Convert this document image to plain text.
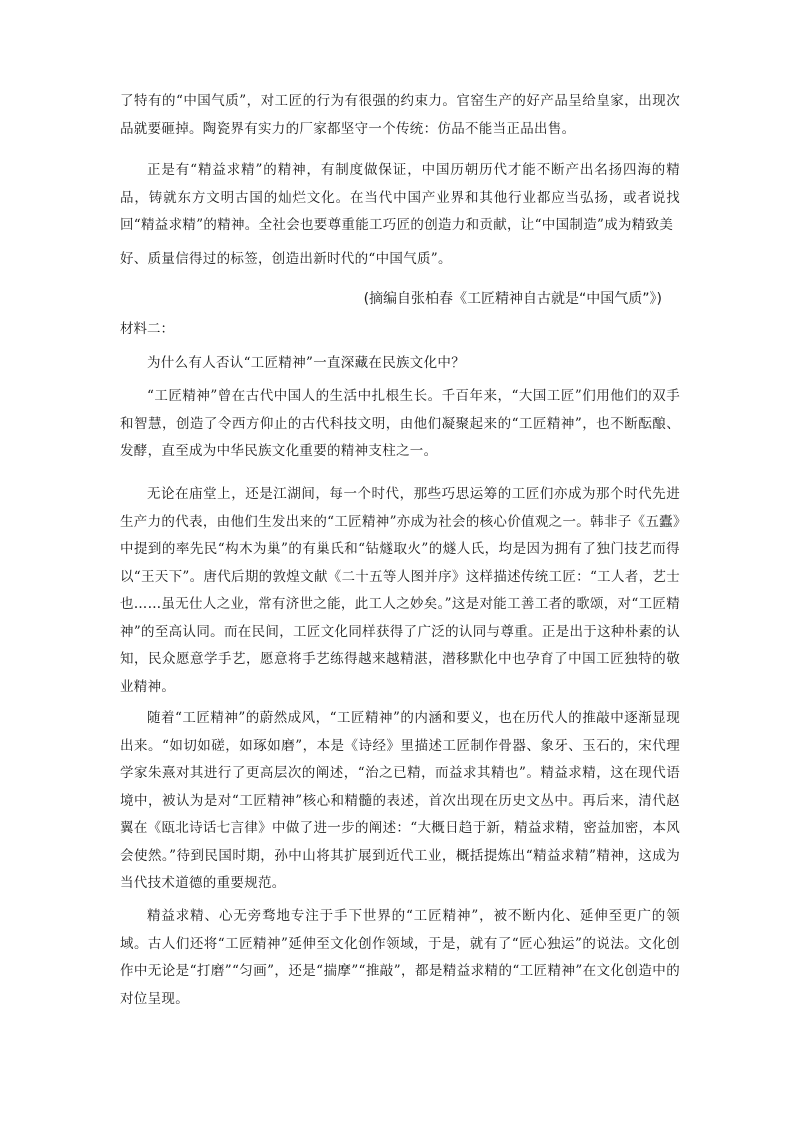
了特有的“中国气质”，对工匠的行为有很强的约束力。官窑生产的好产品呈给皇家，出现次品就要砸掉。陶瓷界有实力的厂家都坚守一个传统：仿品不能当正品出售。

正是有“精益求精”的精神，有制度做保证，中国历朝历代才能不断产出名扬四海的精品，铸就东方文明古国的灿烂文化。在当代中国产业界和其他行业都应当弘扬，或者说找回“精益求精”的精神。全社会也要尊重能工巧匠的创造力和贡献，让“中国制造”成为精致美

好、质量信得过的标签，创造出新时代的“中国气质”。

(摘编自张柏春《工匠精神自古就是“中国气质”》)

材料二：

为什么有人否认“工匠精神”一直深藏在民族文化中？

“工匠精神”曾在古代中国人的生活中扎根生长。千百年来，“大国工匠”们用他们的双手和智慧，创造了令西方仰止的古代科技文明，由他们凝聚起来的“工匠精神”，也不断酝酿、发酵，直至成为中华民族文化重要的精神支柱之一。

无论在庙堂上，还是江湖间，每一个时代，那些巧思运筹的工匠们亦成为那个时代先进生产力的代表，由他们生发出来的“工匠精神”亦成为社会的核心价值观之一。韩非子《五蠹》中提到的率先民“构木为巢”的有巢氏和“钻燧取火”的燧人氏，均是因为拥有了独门技艺而得以“王天下”。唐代后期的敦煌文献《二十五等人图并序》这样描述传统工匠：“工人者，艺士也……虽无仕人之业，常有济世之能，此工人之妙矣。”这是对能工善工者的歌颂，对“工匠精神”的至高认同。而在民间，工匠文化同样获得了广泛的认同与尊重。正是出于这种朴素的认知，民众愿意学手艺，愿意将手艺练得越来越精湛，潜移默化中也孕育了中国工匠独特的敬业精神。

随着“工匠精神”的蔚然成风，“工匠精神”的内涵和要义，也在历代人的推敲中逐渐显现出来。“如切如磋，如琢如磨”，本是《诗经》里描述工匠制作骨器、象牙、玉石的，宋代理学家朱熹对其进行了更高层次的阐述，“治之已精，而益求其精也”。精益求精，这在现代语境中，被认为是对“工匠精神”核心和精髓的表述，首次出现在历史文丛中。再后来，清代赵翼在《瓯北诗话七言律》中做了进一步的阐述：“大概日趋于新，精益求精，密益加密，本风会使然。”待到民国时期，孙中山将其扩展到近代工业，概括提炼出“精益求精”精神，这成为当代技术道德的重要规范。

精益求精、心无旁骛地专注于手下世界的“工匠精神”，被不断内化、延伸至更广的领域。古人们还将“工匠精神”延伸至文化创作领域，于是，就有了“匠心独运”的说法。文化创作中无论是“打磨”“匀画”，还是“揣摩”“推敲”，都是精益求精的“工匠精神”在文化创造中的对位呈现。
